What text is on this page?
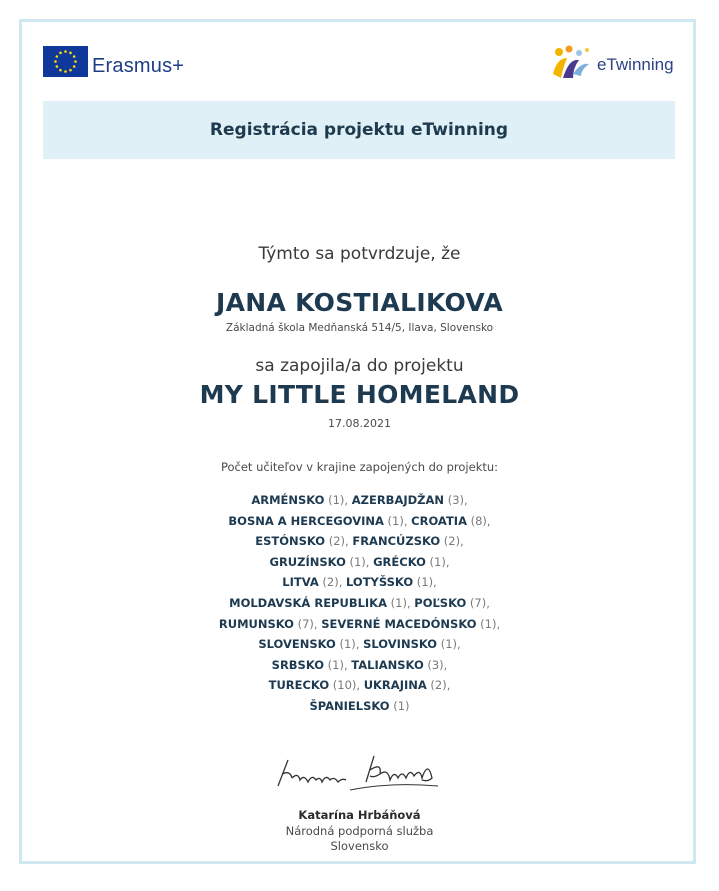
Erasmus+	eTwinning
Registrácia projektu eTwinning
Týmto sa potvrdzuje, že
JANA KOSTIALIKOVA
Základná škola Medňanská 514/5, Ilava, Slovensko
sa zapojila/a do projektu
MY LITTLE HOMELAND
17.08.2021
Počet učiteľov v krajine zapojených do projektu:
ARMÉNSKO (1), AZERBAJDŽAN (3),
BOSNA A HERCEGOVINA (1), CROATIA (8),
ESTÓNSKO (2), FRANCÚZSKO (2),
GRUZÍNSKO (1), GRÉCKO (1),
LITVA (2), LOTYŠSKO (1),
MOLDAVSKÁ REPUBLIKA (1), POĽSKO (7),
RUMUNSKO (7), SEVERNÉ MACEDÓNSKO (1),
SLOVENSKO (1), SLOVINSKO (1),
SRBSKO (1), TALIANSKO (3),
TURECKO (10), UKRAJINA (2),
ŠPANIELSKO (1)
Katarína Hrbáňová
Národná podporná služba
Slovensko
